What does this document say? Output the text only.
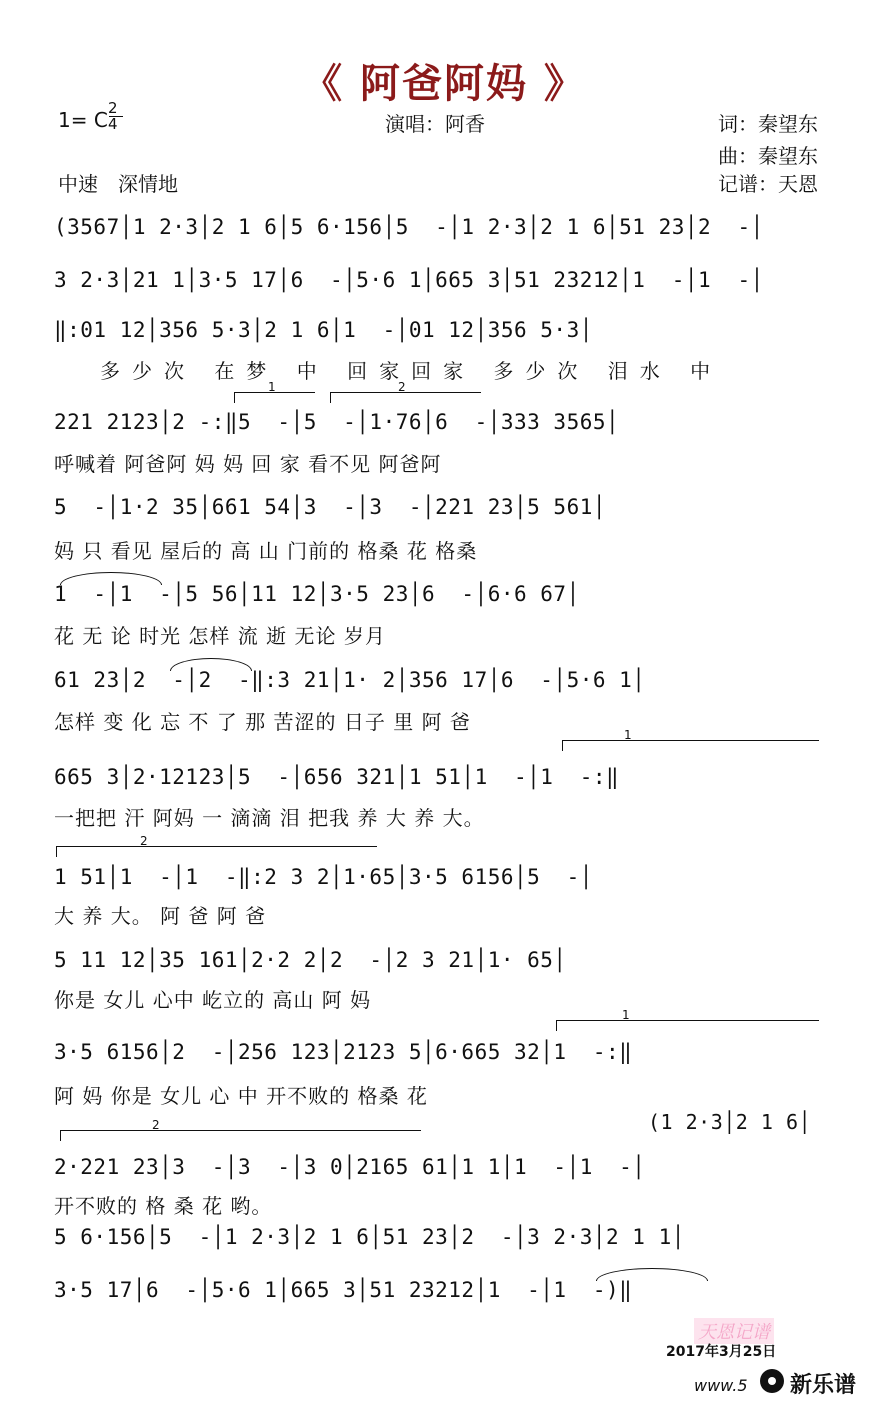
《 阿爸阿妈 》
1= C 2
4	演唱：阿香	词：秦望东
曲：秦望东
中速　深情地	记谱：天恩
(3567│1 2·3│2 1 6│5 6·156│5  -│1 2·3│2 1 6│51 23│2  -│
3 2·3│21 1│3·5 17│6  -│5·6 1│665 3│51 23212│1  -│1  -│
‖:01 12│356 5·3│2 1 6│1  -│01 12│356 5·3│
多少次 在梦 中 回家回家 多少次 泪水 中
1	2
221 2123│2 -:‖5  -│5  -│1·76│6  -│333 3565│
呼喊着 阿爸阿 妈 妈 回 家 看不见 阿爸阿
5  -│1·2 35│661 54│3  -│3  -│221 23│5 561│
妈 只 看见 屋后的 高 山 门前的 格桑 花 格桑
1  -│1  -│5 56│11 12│3·5 23│6  -│6·6 67│
花 无 论 时光 怎样 流 逝 无论 岁月
61 23│2  -│2  -‖:3 21│1· 2│356 17│6  -│5·6 1│
怎样 变 化 忘 不 了 那 苦涩的 日子 里 阿 爸
1
665 3│2·12123│5  -│656 321│1 51│1  -│1  -:‖
一把把 汗 阿妈 一 滴滴 泪 把我 养 大 养 大。
2
1 51│1  -│1  -‖:2 3 2│1·65│3·5 6156│5  -│
大 养 大。 阿 爸 阿 爸
5 11 12│35 161│2·2 2│2  -│2 3 21│1· 65│
你是 女儿 心中 屹立的 高山 阿 妈
1
3·5 6156│2  -│256 123│2123 5│6·665 32│1  -:‖
阿 妈 你是 女儿 心 中 开不败的 格桑 花
(1 2·3│2 1 6│
2
2·221 23│3  -│3  -│3 0│2165 61│1 1│1  -│1  -│
开不败的 格 桑 花 哟。
5 6·156│5  -│1 2·3│2 1 6│51 23│2  -│3 2·3│2 1 1│
3·5 17│6  -│5·6 1│665 3│51 23212│1  -│1  -)‖
天恩记谱
2017年3月25日
www.5 新乐谱
